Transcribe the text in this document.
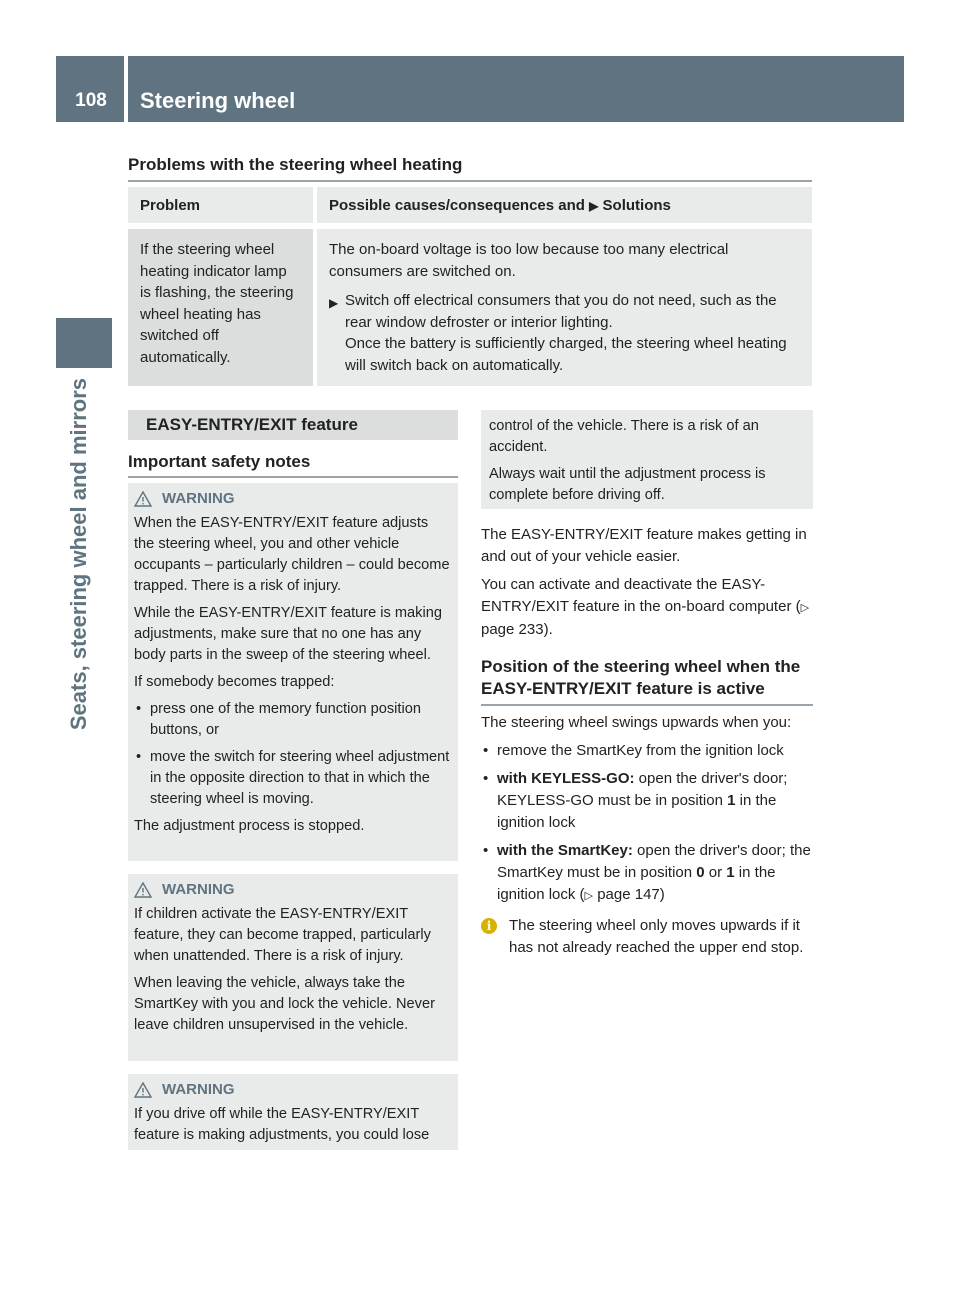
108	Steering wheel
Seats, steering wheel and mirrors
Problems with the steering wheel heating
Problem	Possible causes/consequences and ▶ Solutions
If the steering wheel heating indicator lamp is flashing, the steering wheel heating has switched off automatically.	The on-board voltage is too low because too many electrical consumers are switched on.
▶ Switch off electrical consumers that you do not need, such as the rear window defroster or interior lighting.
Once the battery is sufficiently charged, the steering wheel heating will switch back on automatically.
EASY-ENTRY/EXIT feature
Important safety notes
WARNING

When the EASY-ENTRY/EXIT feature adjusts the steering wheel, you and other vehicle occupants – particularly children – could become trapped. There is a risk of injury.

While the EASY-ENTRY/EXIT feature is making adjustments, make sure that no one has any body parts in the sweep of the steering wheel.

If somebody becomes trapped:

• press one of the memory function position buttons, or
• move the switch for steering wheel adjustment in the opposite direction to that in which the steering wheel is moving.

The adjustment process is stopped.

WARNING

If children activate the EASY-ENTRY/EXIT feature, they can become trapped, particularly when unattended. There is a risk of injury.

When leaving the vehicle, always take the SmartKey with you and lock the vehicle. Never leave children unsupervised in the vehicle.

WARNING

If you drive off while the EASY-ENTRY/EXIT feature is making adjustments, you could lose

control of the vehicle. There is a risk of an accident.

Always wait until the adjustment process is complete before driving off.

The EASY-ENTRY/EXIT feature makes getting in and out of your vehicle easier.

You can activate and deactivate the EASY-ENTRY/EXIT feature in the on-board computer (▷ page 233).

Position of the steering wheel when the EASY-ENTRY/EXIT feature is active

The steering wheel swings upwards when you:

• remove the SmartKey from the ignition lock
• with KEYLESS-GO: open the driver's door; KEYLESS-GO must be in position 1 in the ignition lock
• with the SmartKey: open the driver's door; the SmartKey must be in position 0 or 1 in the ignition lock (▷ page 147)
i	The steering wheel only moves upwards if it has not already reached the upper end stop.
